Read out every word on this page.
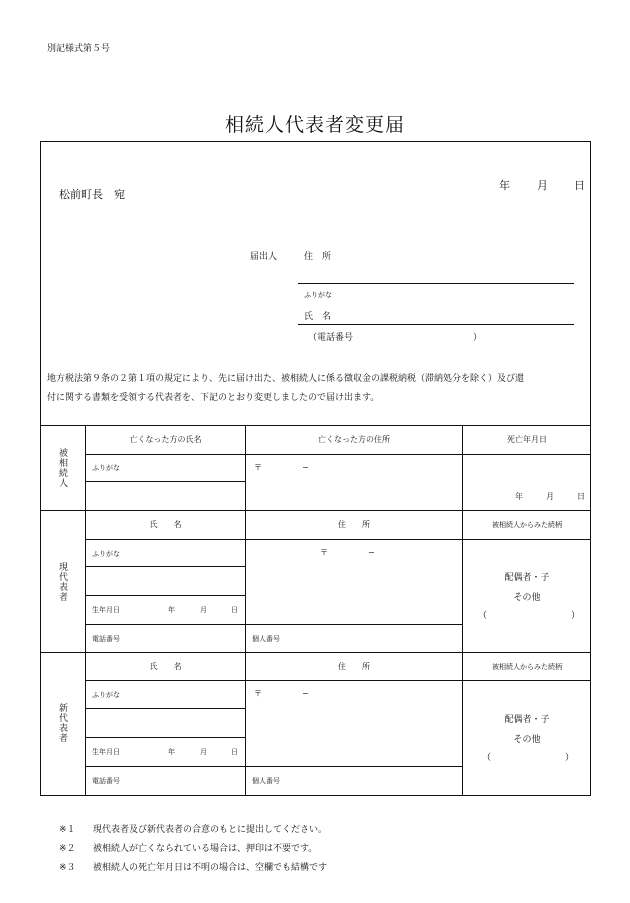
別記様式第５号
相続人代表者変更届
松前町長　宛
年 月 日
届出人	住　所
ふりがな
氏　名
（電話番号	）
地方税法第９条の２第１項の規定により、先に届け出た、被相続人に係る徴収金の課税納税（滞納処分を除く）及び還
付に関する書類を受領する代表者を、下記のとおり変更しましたので届け出ます。
被相続人
亡くなった方の氏名	亡くなった方の住所	死亡年月日
ふりがな	〒　　　　　−
年	月	日
現代表者
氏　　名	住　　所	被相続人からみた続柄
ふりがな
生年月日	年	月	日
電話番号	個人番号
〒　　　　　−
配偶者・子
その他
（	）
新代表者
氏　　名	住　　所	被相続人からみた続柄
ふりがな
生年月日	年	月	日
電話番号	個人番号
〒　　　　　−
配偶者・子
その他
（	）
※１ 現代表者及び新代表者の合意のもとに提出してください。
※２ 被相続人が亡くなられている場合は、押印は不要です。
※３ 被相続人の死亡年月日は不明の場合は、空欄でも結構です
